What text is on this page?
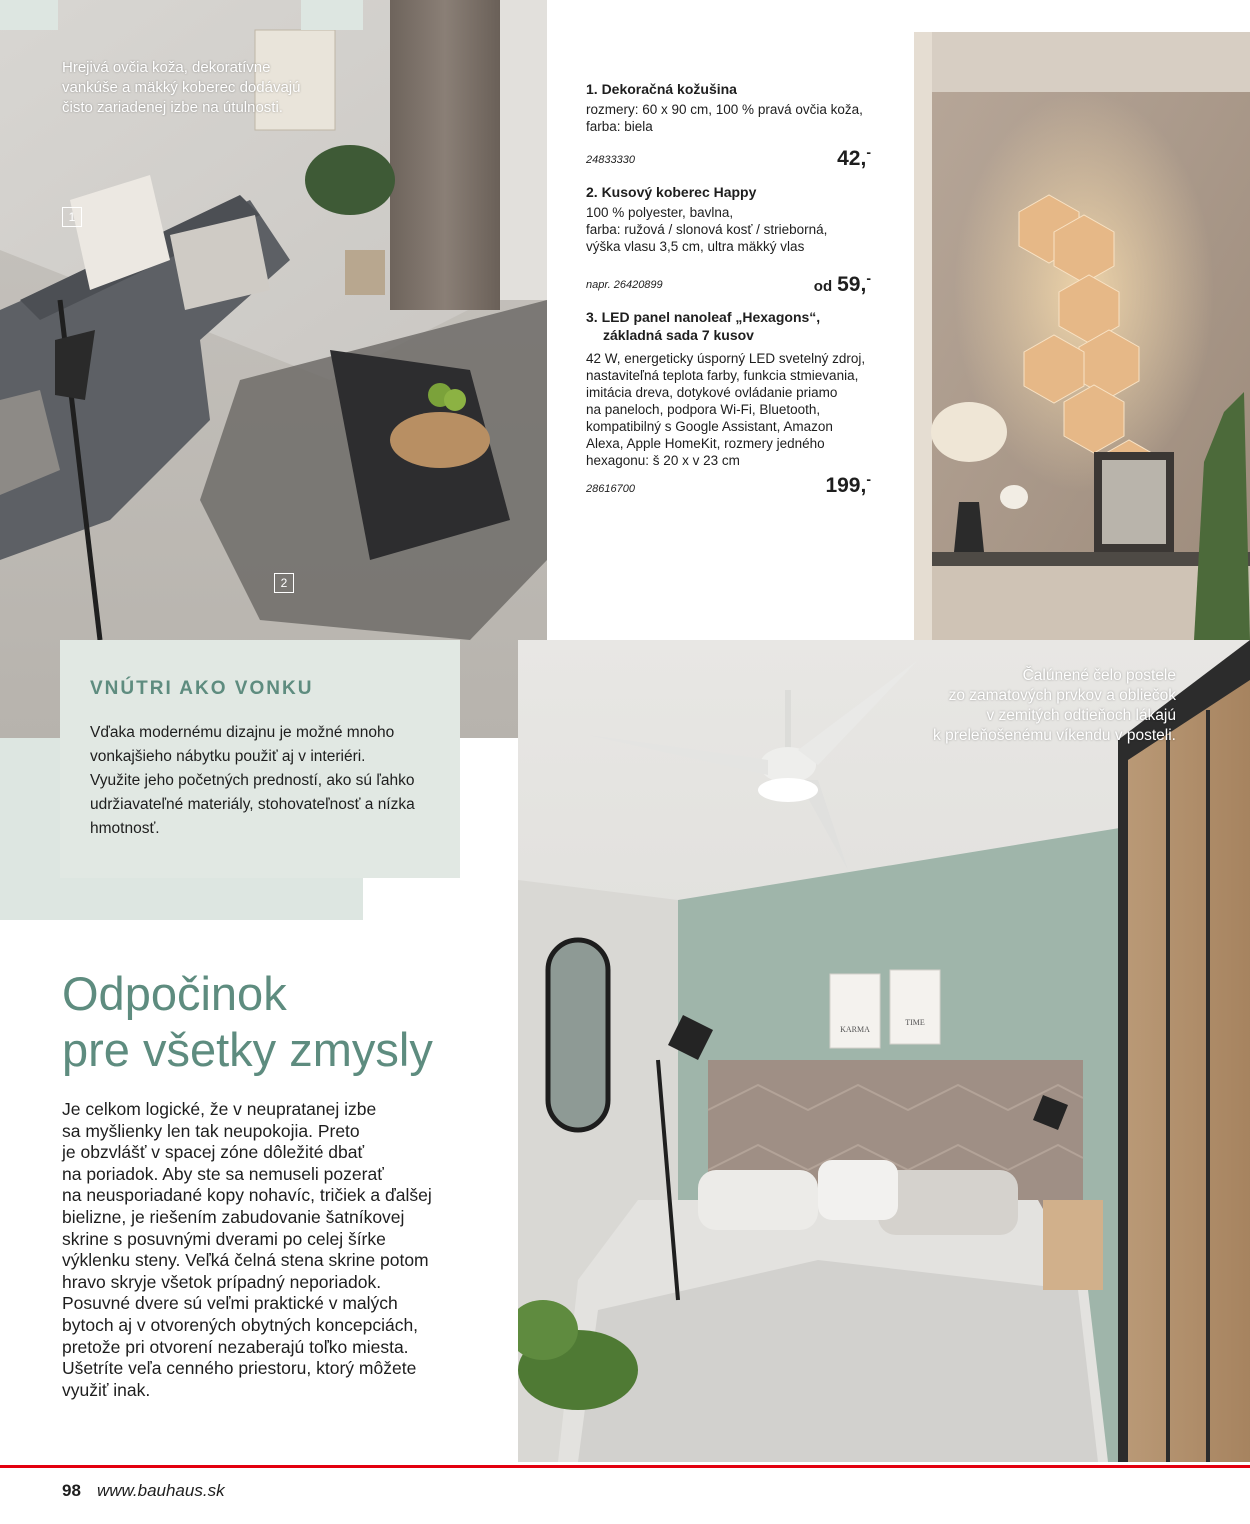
Hrejivá ovčia koža, dekoratívne
vankúše a mäkký koberec dodávajú
čisto zariadenej izbe na útulnosti.
1
2
1. Dekoračná kožušina
rozmery: 60 x 90 cm, 100 % pravá ovčia koža,
farba: biela
24833330	42,-
2. Kusový koberec Happy
100 % polyester, bavlna,
farba: ružová / slonová kosť / strieborná,
výška vlasu 3,5 cm, ultra mäkký vlas
napr. 26420899	od 59,-
3. LED panel nanoleaf „Hexagons“,
základná sada 7 kusov
42 W, energeticky úsporný LED svetelný zdroj,
nastaviteľná teplota farby, funkcia stmievania,
imitácia dreva, dotykové ovládanie priamo
na paneloch, podpora Wi-Fi, Bluetooth,
kompatibilný s Google Assistant, Amazon
Alexa, Apple HomeKit, rozmery jedného
hexagonu: š 20 x v 23 cm
28616700	199,-
VNÚTRI AKO VONKU
Vďaka modernému dizajnu je možné mnoho
vonkajšieho nábytku použiť aj v interiéri.
Využite jeho početných predností, ako sú ľahko
udržiavateľné materiály, stohovateľnosť a nízka
hmotnosť.
Čalúnené čelo postele
zo zamatových prvkov a obliečok
v zemitých odtieňoch lákajú
k preleňošenému víkendu v posteli.
KARMA
TIME
Odpočinok
pre všetky zmysly
Je celkom logické, že v neupratanej izbe
sa myšlienky len tak neupokojia. Preto
je obzvlášť v spacej zóne dôležité dbať
na poriadok. Aby ste sa nemuseli pozerať
na neusporiadané kopy nohavíc, tričiek a ďalšej
bielizne, je riešením zabudovanie šatníkovej
skrine s posuvnými dverami po celej šírke
výklenku steny. Veľká čelná stena skrine potom
hravo skryje všetok prípadný neporiadok.
Posuvné dvere sú veľmi praktické v malých
bytoch aj v otvorených obytných koncepciách,
pretože pri otvorení nezaberajú toľko miesta.
Ušetríte veľa cenného priestoru, ktorý môžete
využiť inak.
98 www.bauhaus.sk
